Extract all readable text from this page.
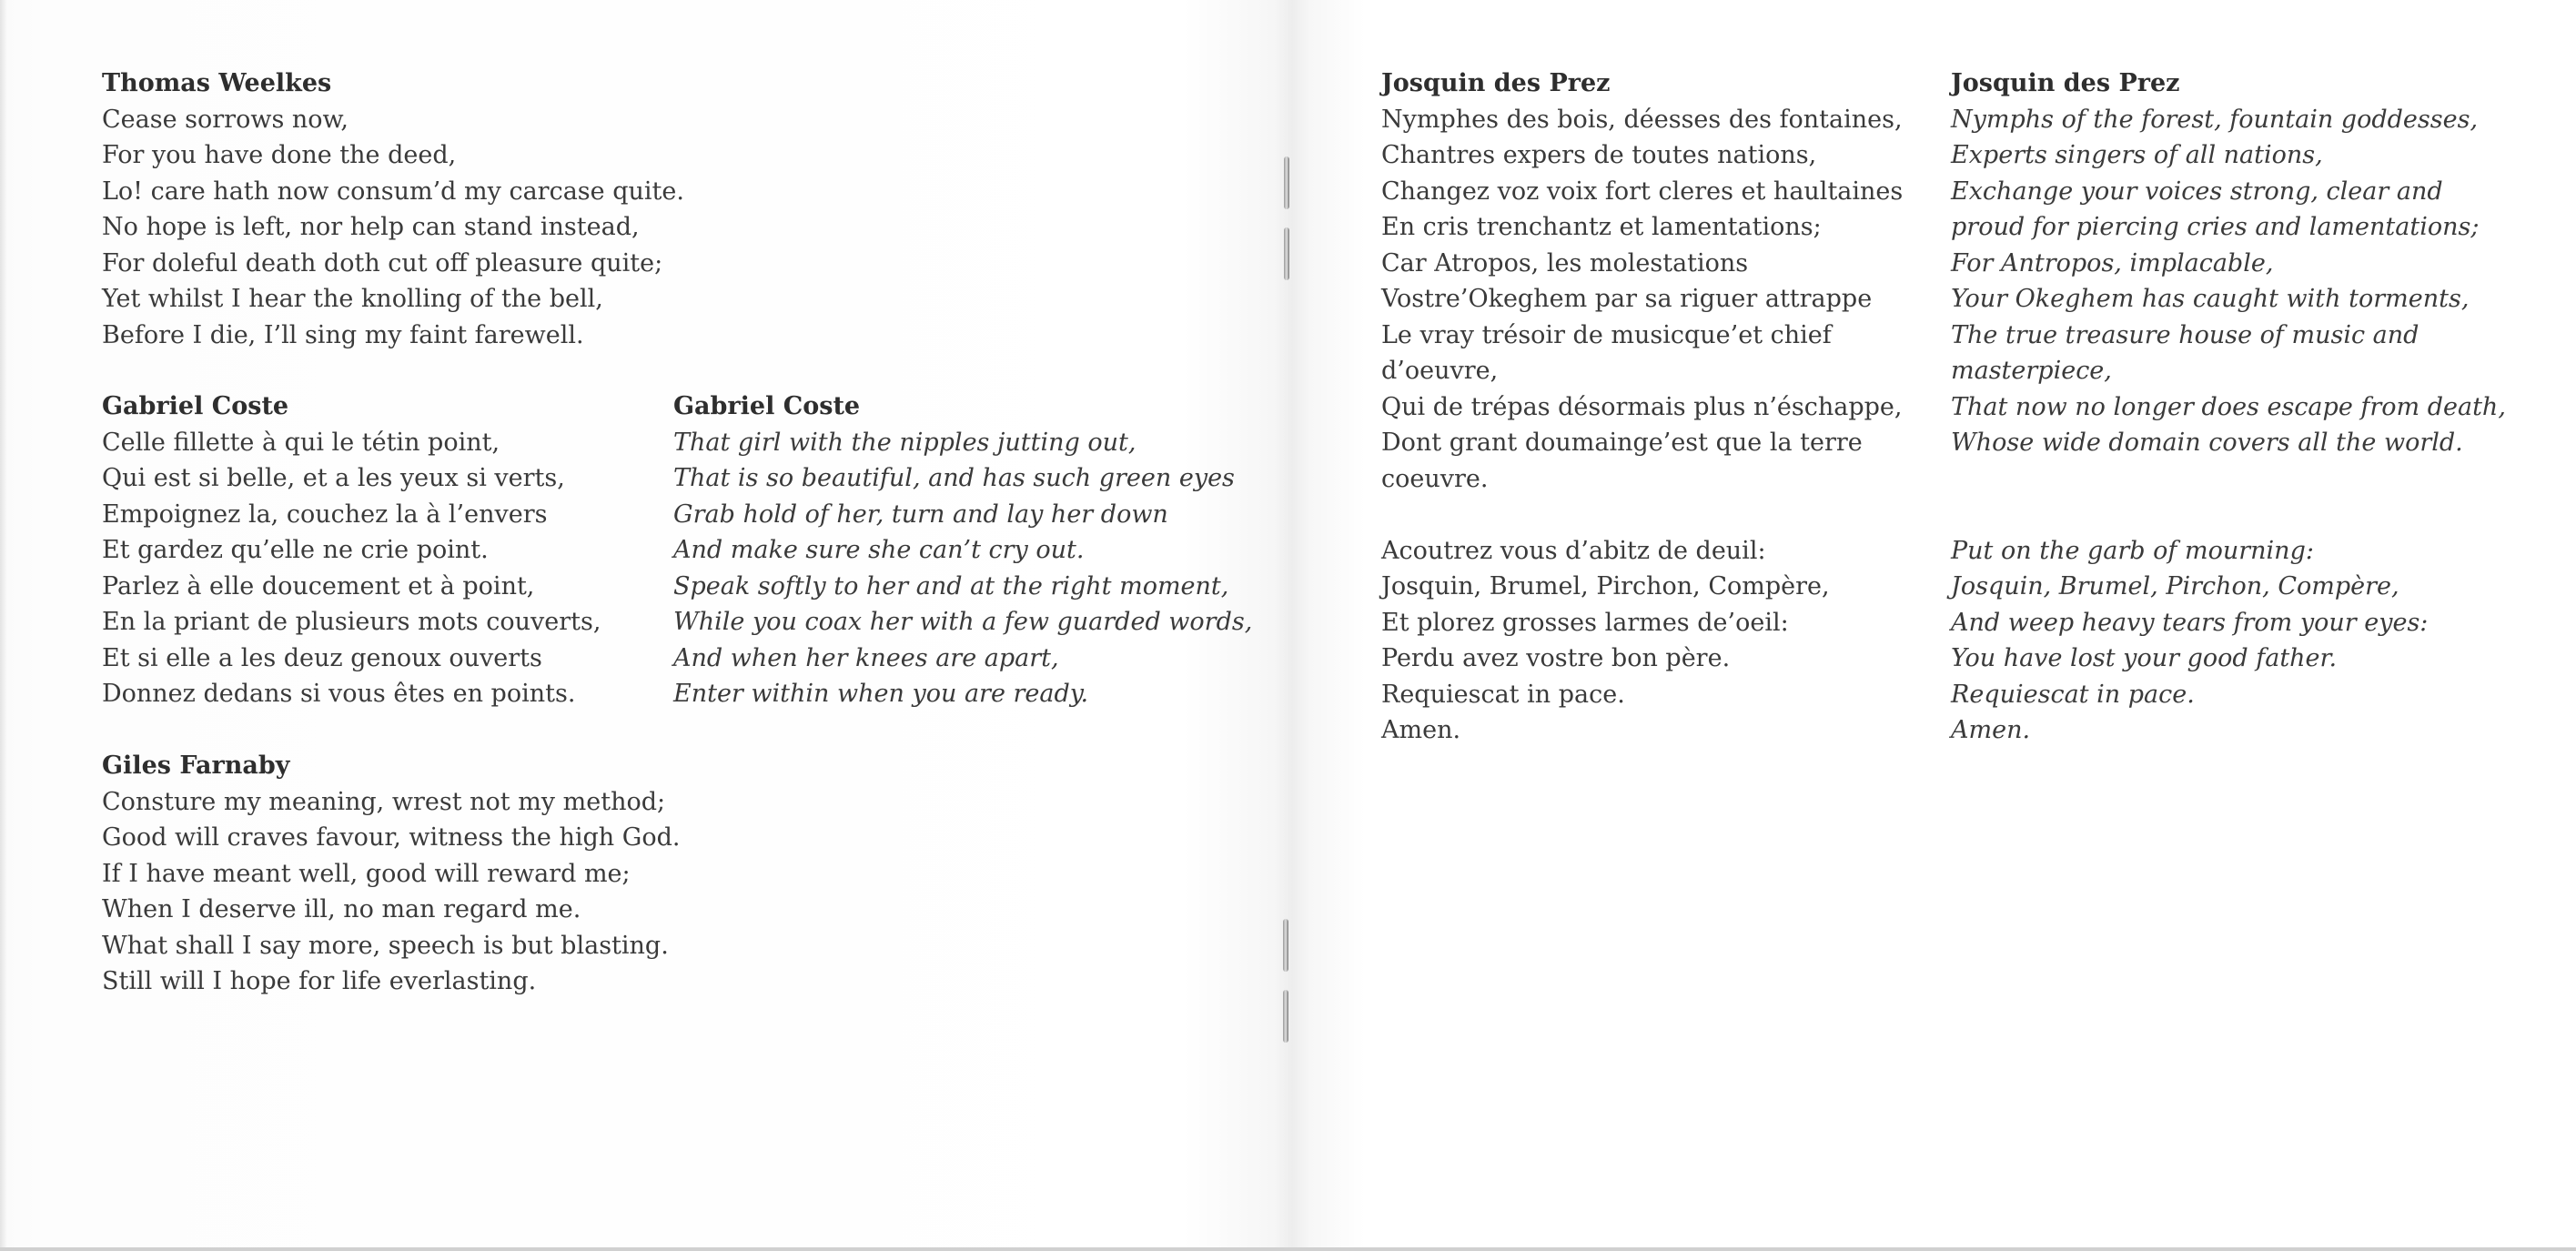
Thomas Weelkes
Cease sorrows now,
For you have done the deed,
Lo! care hath now consum’d my carcase quite.
No hope is left, nor help can stand instead,
For doleful death doth cut off pleasure quite;
Yet whilst I hear the knolling of the bell,
Before I die, I’ll sing my faint farewell.
Gabriel Coste
Celle fillette à qui le tétin point,
Qui est si belle, et a les yeux si verts,
Empoignez la, couchez la à l’envers
Et gardez qu’elle ne crie point.
Parlez à elle doucement et à point,
En la priant de plusieurs mots couverts,
Et si elle a les deuz genoux ouverts
Donnez dedans si vous êtes en points.
Gabriel Coste
That girl with the nipples jutting out,
That is so beautiful, and has such green eyes
Grab hold of her, turn and lay her down
And make sure she can’t cry out.
Speak softly to her and at the right moment,
While you coax her with a few guarded words,
And when her knees are apart,
Enter within when you are ready.
Giles Farnaby
Consture my meaning, wrest not my method;
Good will craves favour, witness the high God.
If I have meant well, good will reward me;
When I deserve ill, no man regard me.
What shall I say more, speech is but blasting.
Still will I hope for life everlasting.
Josquin des Prez
Nymphes des bois, déesses des fontaines,
Chantres expers de toutes nations,
Changez voz voix fort cleres et haultaines
En cris trenchantz et lamentations;
Car Atropos, les molestations
Vostre’Okeghem par sa riguer attrappe
Le vray trésoir de musicque’et chief
d’oeuvre,
Qui de trépas désormais plus n’éschappe,
Dont grant doumainge’est que la terre
coeuvre.
Acoutrez vous d’abitz de deuil:
Josquin, Brumel, Pirchon, Compère,
Et plorez grosses larmes de’oeil:
Perdu avez vostre bon père.
Requiescat in pace.
Amen.
Josquin des Prez
Nymphs of the forest, fountain goddesses,
Experts singers of all nations,
Exchange your voices strong, clear and
proud for piercing cries and lamentations;
For Antropos, implacable,
Your Okeghem has caught with torments,
The true treasure house of music and
masterpiece,
That now no longer does escape from death,
Whose wide domain covers all the world.
Put on the garb of mourning:
Josquin, Brumel, Pirchon, Compère,
And weep heavy tears from your eyes:
You have lost your good father.
Requiescat in pace.
Amen.
